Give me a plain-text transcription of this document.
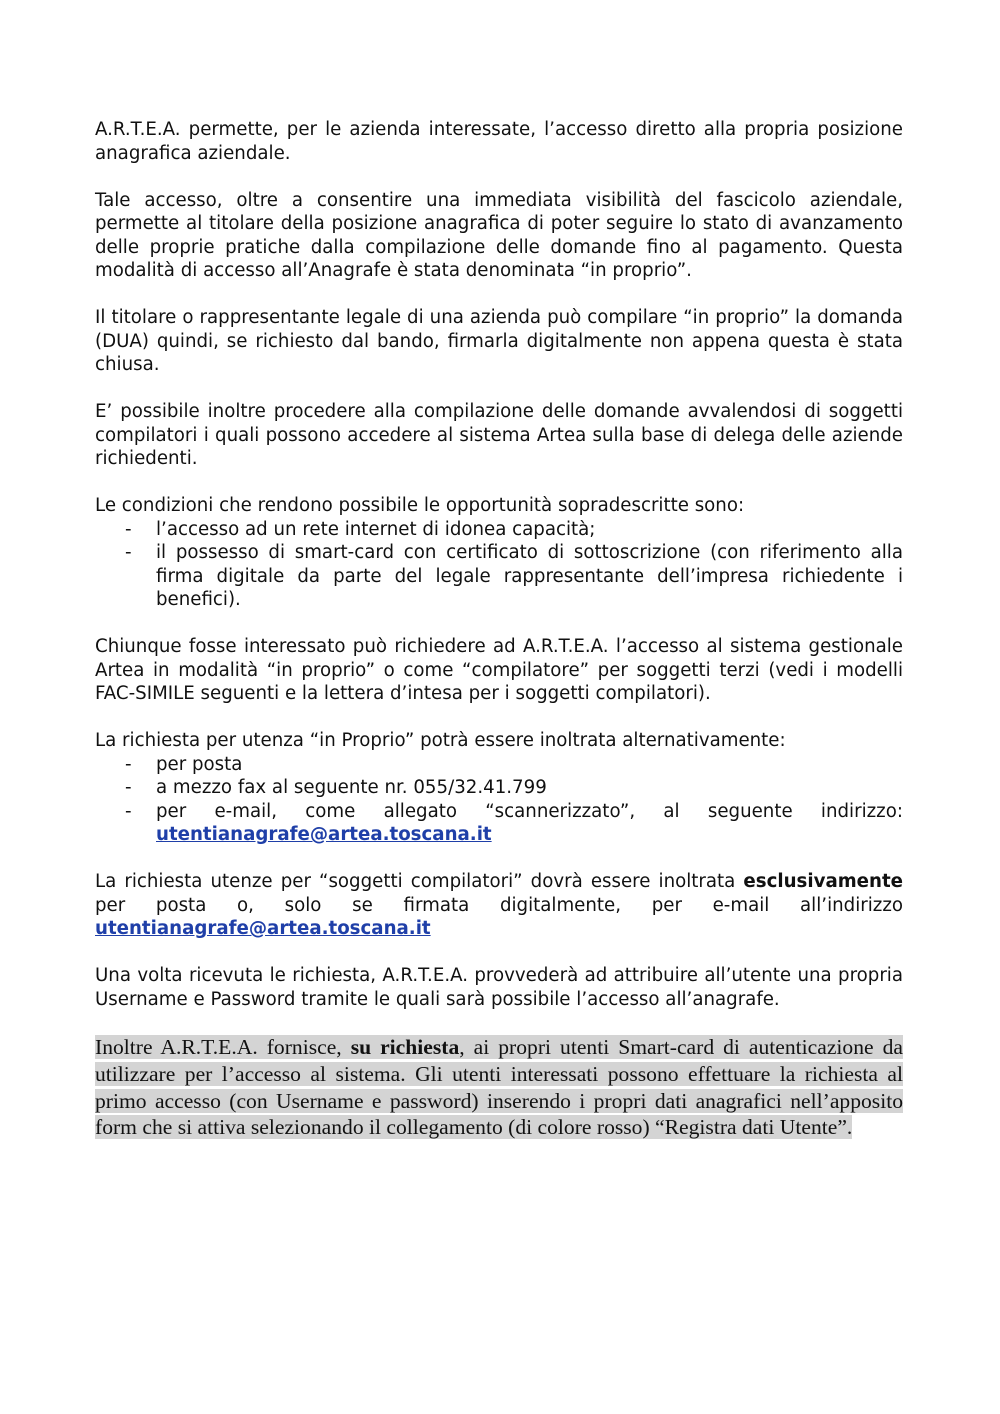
A.R.T.E.A. permette, per le azienda interessate, l’accesso diretto alla propria posizione anagrafica aziendale.

Tale accesso, oltre a consentire una immediata visibilità del fascicolo aziendale, permette al titolare della posizione anagrafica di poter seguire lo stato di avanzamento delle proprie pratiche dalla compilazione delle domande fino al pagamento. Questa modalità di accesso all’Anagrafe è stata denominata “in proprio”.

Il titolare o rappresentante legale di una azienda può compilare “in proprio” la domanda (DUA) quindi, se richiesto dal bando, firmarla digitalmente non appena questa è stata chiusa.

E’ possibile inoltre procedere alla compilazione delle domande avvalendosi di soggetti compilatori i quali possono accedere al sistema Artea sulla base di delega delle aziende richiedenti.

Le condizioni che rendono possibile le opportunità sopradescritte sono:

- l’accesso ad un rete internet di idonea capacità;
- il possesso di smart-card con certificato di sottoscrizione (con riferimento alla firma digitale da parte del legale rappresentante dell’impresa richiedente i benefici).

Chiunque fosse interessato può richiedere ad A.R.T.E.A. l’accesso al sistema gestionale Artea in modalità “in proprio” o come “compilatore” per soggetti terzi (vedi i modelli FAC-SIMILE seguenti e la lettera d’intesa per i soggetti compilatori).

La richiesta per utenza “in Proprio” potrà essere inoltrata alternativamente:

- per posta
- a mezzo fax al seguente nr. 055/32.41.799
- per e-mail, come allegato “scannerizzato”, al seguente indirizzo: utentianagrafe@artea.toscana.it

La richiesta utenze per “soggetti compilatori” dovrà essere inoltrata esclusivamente per posta o, solo se firmata digitalmente, per e-mail all’indirizzo utentianagrafe@artea.toscana.it

Una volta ricevuta le richiesta, A.R.T.E.A. provvederà ad attribuire all’utente una propria Username e Password tramite le quali sarà possibile l’accesso all’anagrafe.

Inoltre A.R.T.E.A. fornisce, su richiesta, ai propri utenti Smart-card di autenticazione da utilizzare per l’accesso al sistema. Gli utenti interessati possono effettuare la richiesta al primo accesso (con Username e password) inserendo i propri dati anagrafici nell’apposito form che si attiva selezionando il collegamento (di colore rosso) “Registra dati Utente”.
